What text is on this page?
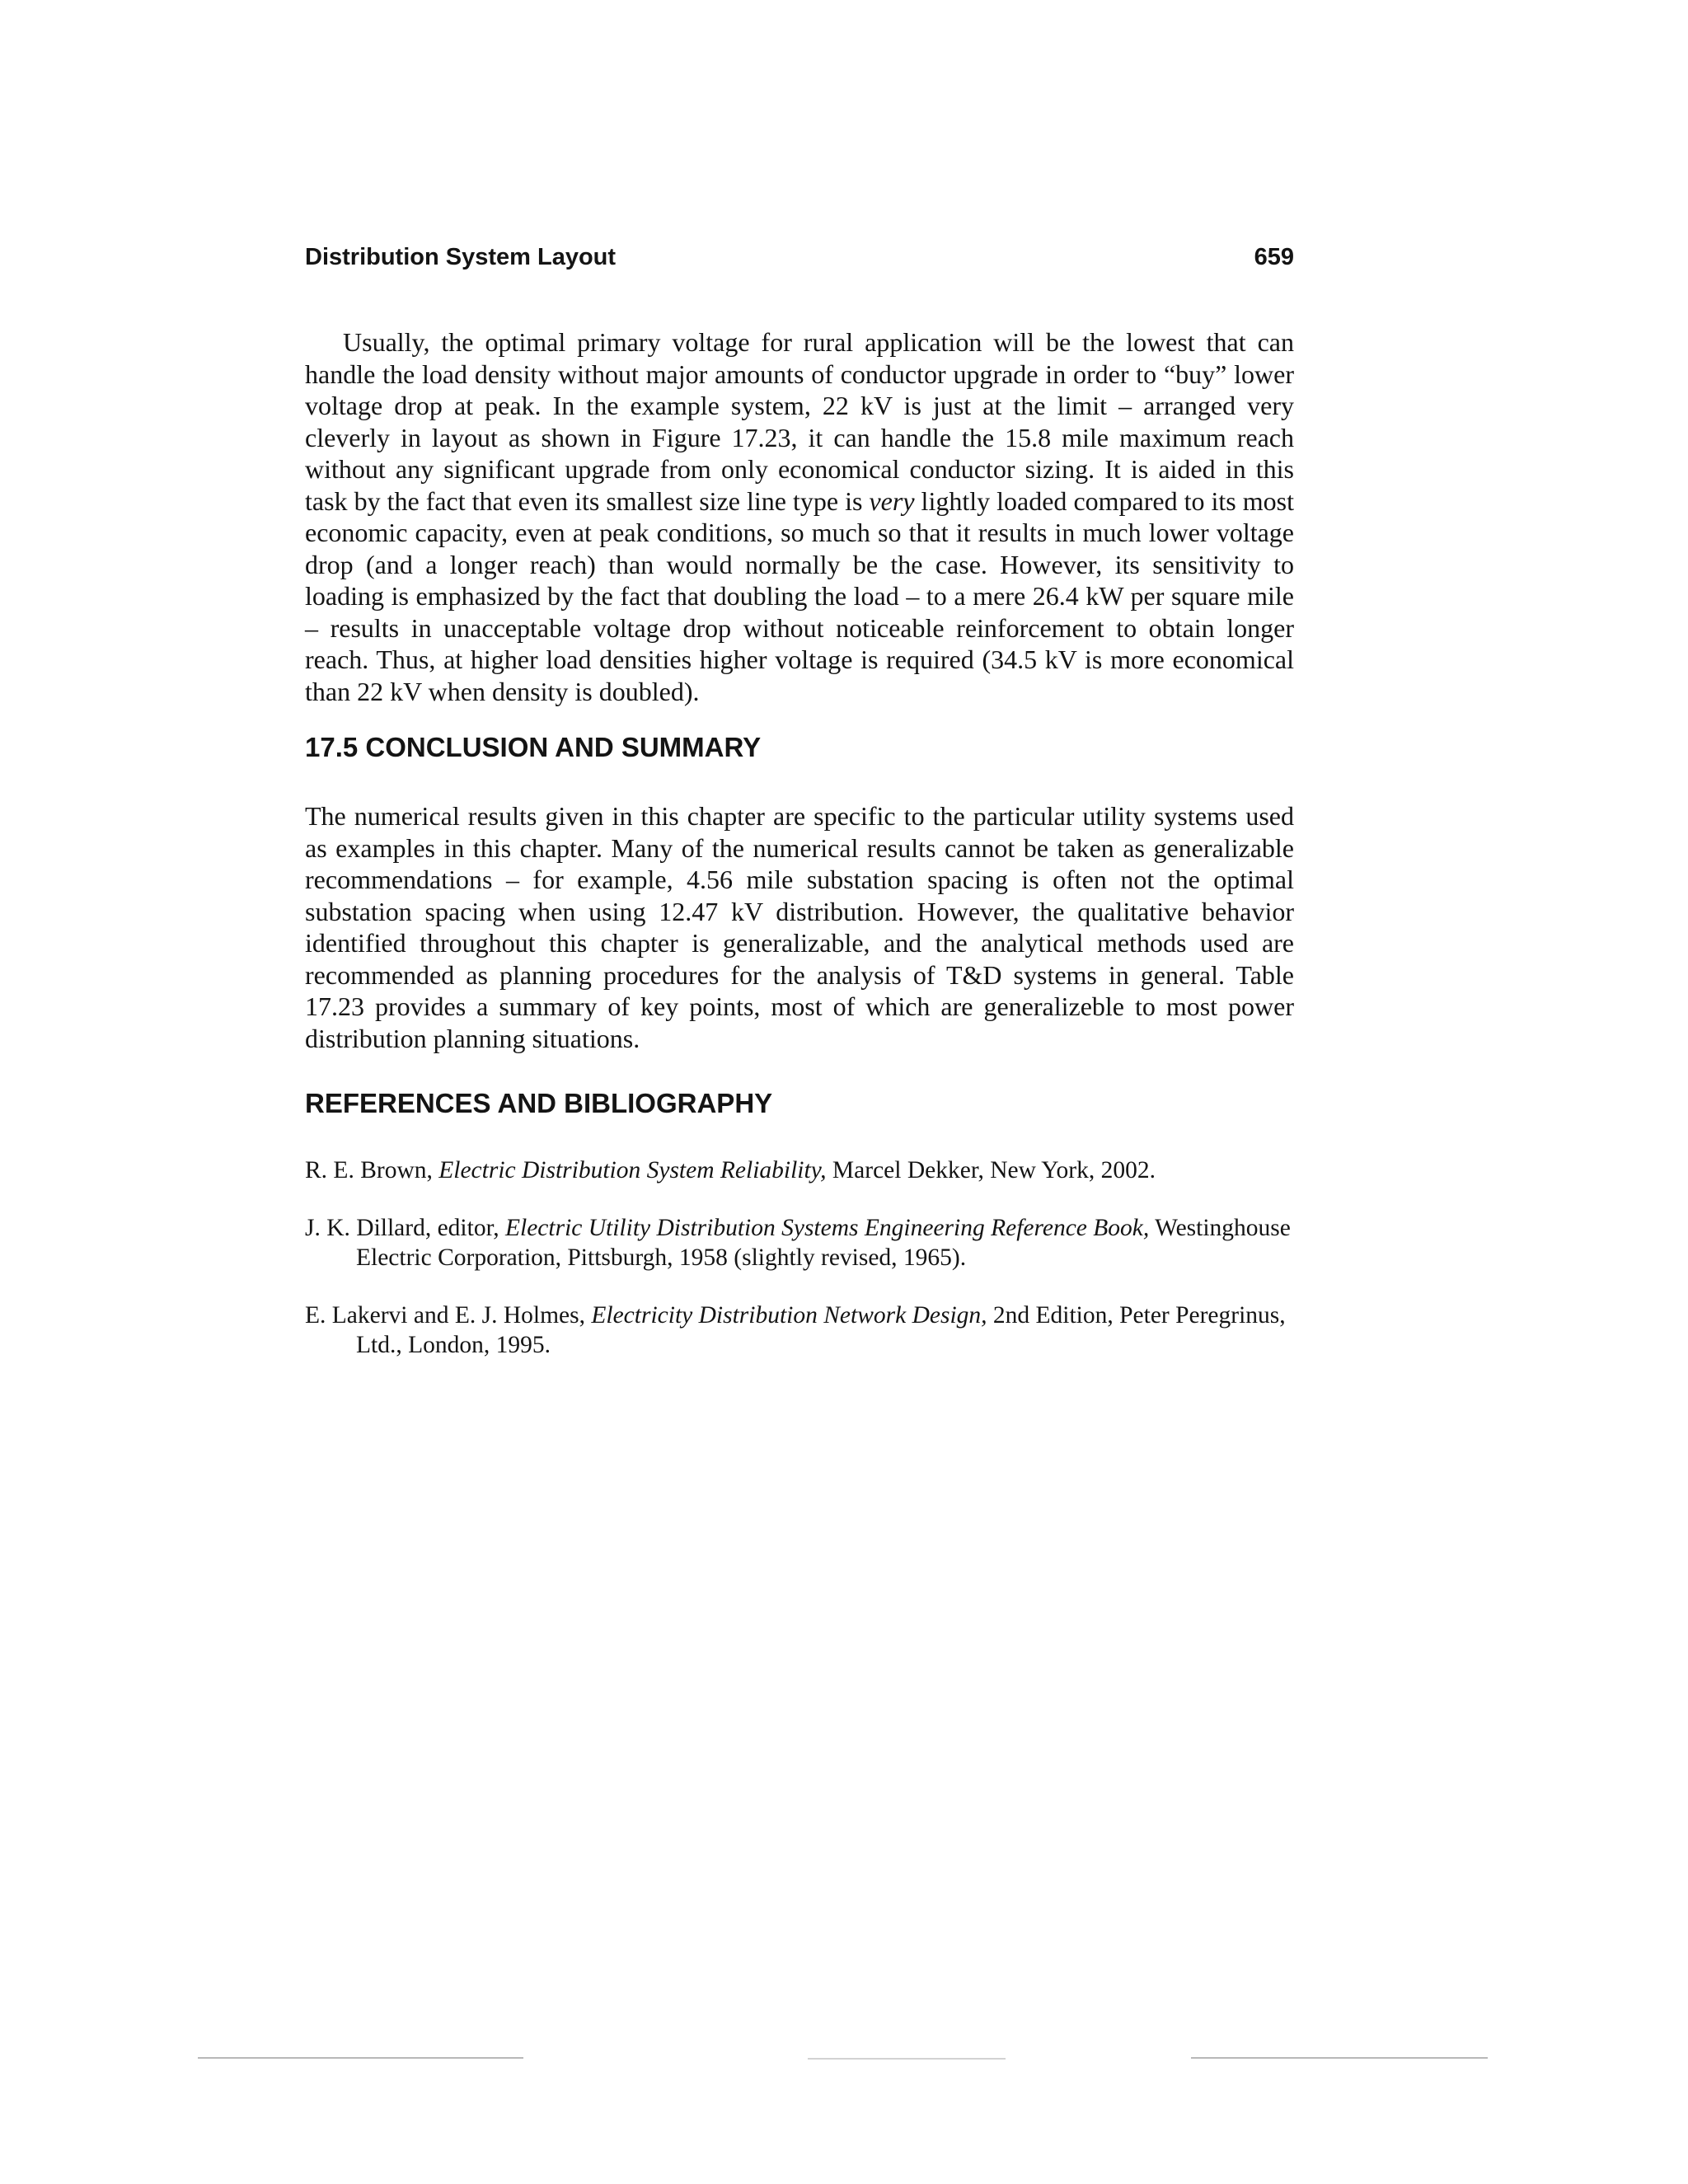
Distribution System Layout	659

Usually, the optimal primary voltage for rural application will be the lowest that can handle the load density without major amounts of conductor upgrade in order to “buy” lower voltage drop at peak. In the example system, 22 kV is just at the limit – arranged very cleverly in layout as shown in Figure 17.23, it can handle the 15.8 mile maximum reach without any significant upgrade from only economical conductor sizing. It is aided in this task by the fact that even its smallest size line type is very lightly loaded compared to its most economic capacity, even at peak conditions, so much so that it results in much lower voltage drop (and a longer reach) than would normally be the case. However, its sensitivity to loading is emphasized by the fact that doubling the load – to a mere 26.4 kW per square mile – results in unacceptable voltage drop without noticeable reinforcement to obtain longer reach. Thus, at higher load densities higher voltage is required (34.5 kV is more economical than 22 kV when density is doubled).

17.5 CONCLUSION AND SUMMARY

The numerical results given in this chapter are specific to the particular utility systems used as examples in this chapter. Many of the numerical results cannot be taken as generalizable recommendations – for example, 4.56 mile substation spacing is often not the optimal substation spacing when using 12.47 kV distribution. However, the qualitative behavior identified throughout this chapter is generalizable, and the analytical methods used are recommended as planning procedures for the analysis of T&D systems in general. Table 17.23 provides a summary of key points, most of which are generalizeble to most power distribution planning situations.

REFERENCES AND BIBLIOGRAPHY

R. E. Brown, Electric Distribution System Reliability, Marcel Dekker, New York, 2002.

J. K. Dillard, editor, Electric Utility Distribution Systems Engineering Reference Book, Westinghouse Electric Corporation, Pittsburgh, 1958 (slightly revised, 1965).

E. Lakervi and E. J. Holmes, Electricity Distribution Network Design, 2nd Edition, Peter Peregrinus, Ltd., London, 1995.
